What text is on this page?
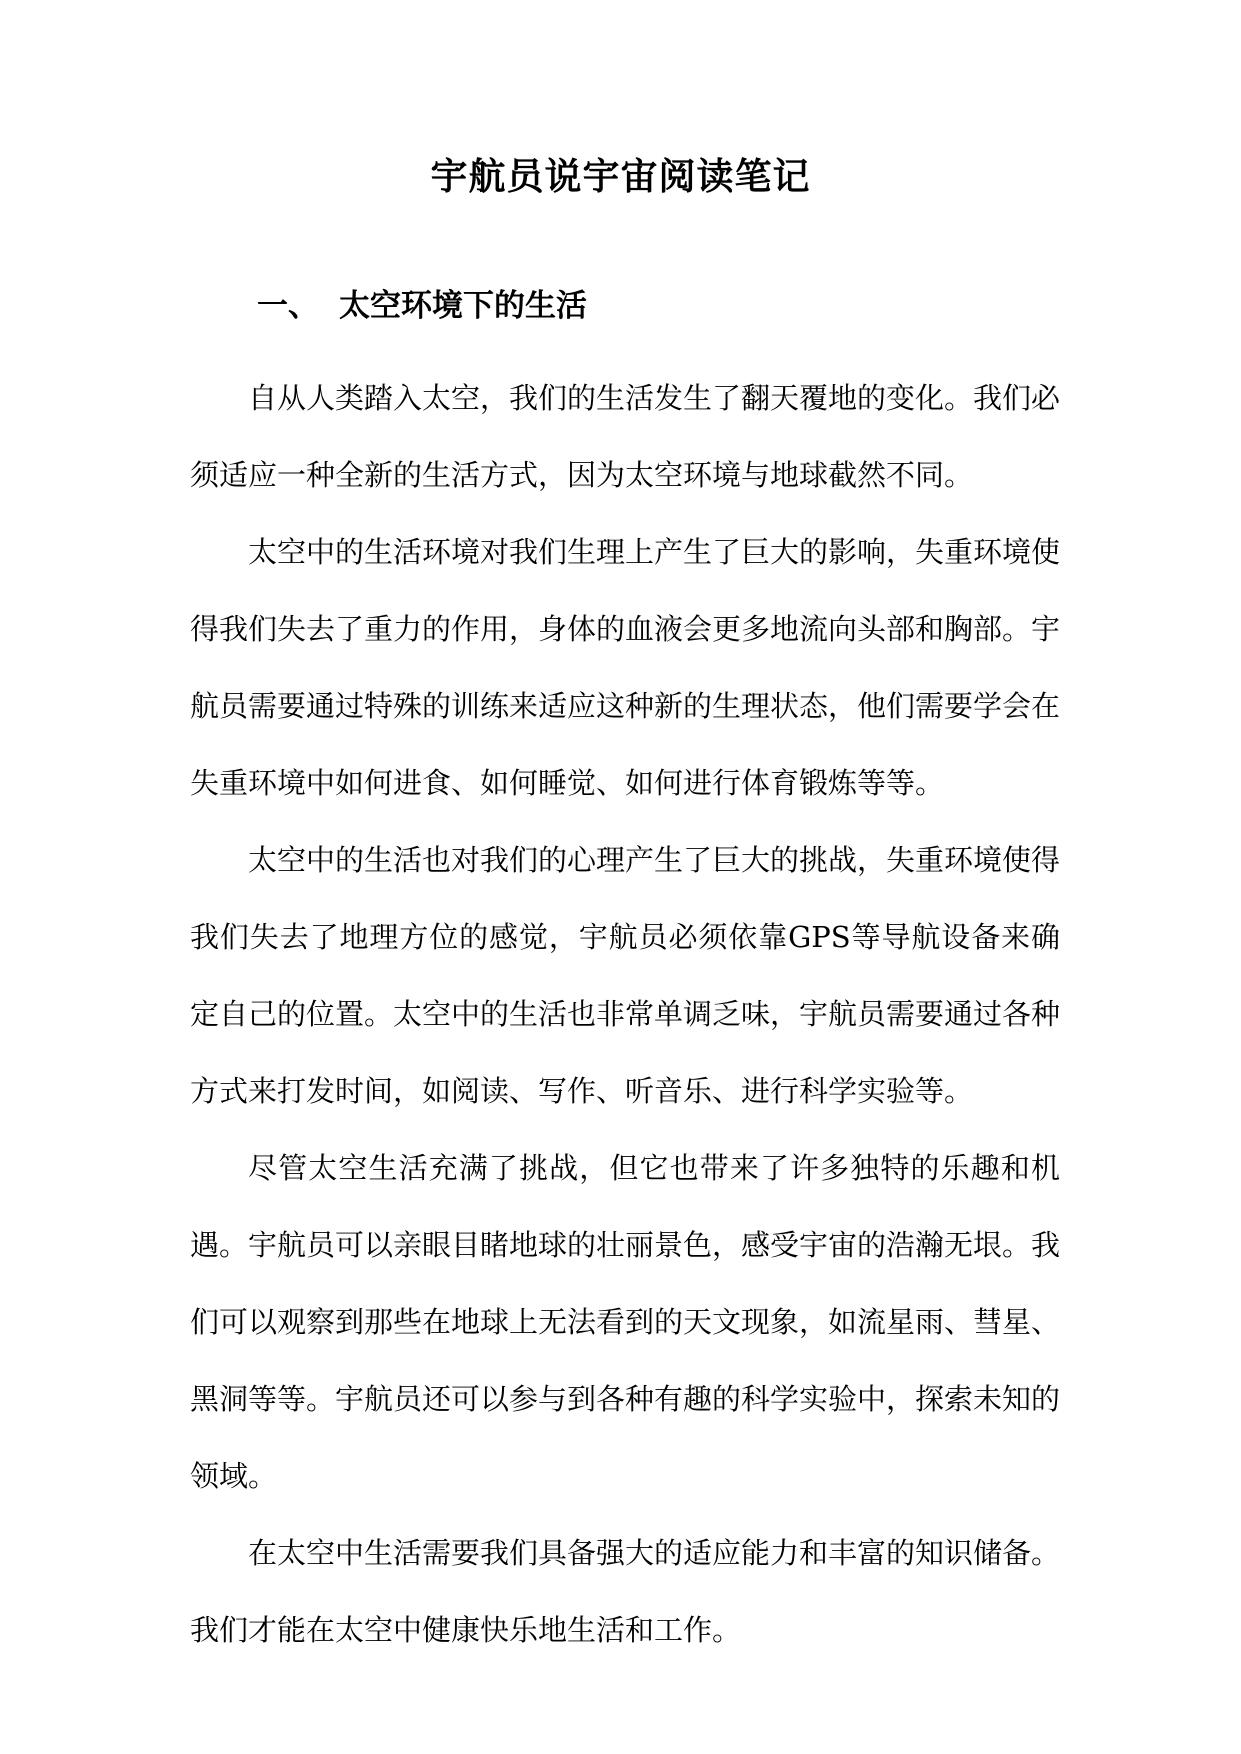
宇航员说宇宙阅读笔记
一、 太空环境下的生活

自从人类踏入太空，我们的生活发生了翻天覆地的变化。我们必须适应一种全新的生活方式，因为太空环境与地球截然不同。

太空中的生活环境对我们生理上产生了巨大的影响，失重环境使得我们失去了重力的作用，身体的血液会更多地流向头部和胸部。宇航员需要通过特殊的训练来适应这种新的生理状态，他们需要学会在失重环境中如何进食、如何睡觉、如何进行体育锻炼等等。

太空中的生活也对我们的心理产生了巨大的挑战，失重环境使得我们失去了地理方位的感觉，宇航员必须依靠GPS等导航设备来确定自己的位置。太空中的生活也非常单调乏味，宇航员需要通过各种方式来打发时间，如阅读、写作、听音乐、进行科学实验等。

尽管太空生活充满了挑战，但它也带来了许多独特的乐趣和机遇。宇航员可以亲眼目睹地球的壮丽景色，感受宇宙的浩瀚无垠。我们可以观察到那些在地球上无法看到的天文现象，如流星雨、彗星、黑洞等等。宇航员还可以参与到各种有趣的科学实验中，探索未知的领域。

在太空中生活需要我们具备强大的适应能力和丰富的知识储备。我们才能在太空中健康快乐地生活和工作。
